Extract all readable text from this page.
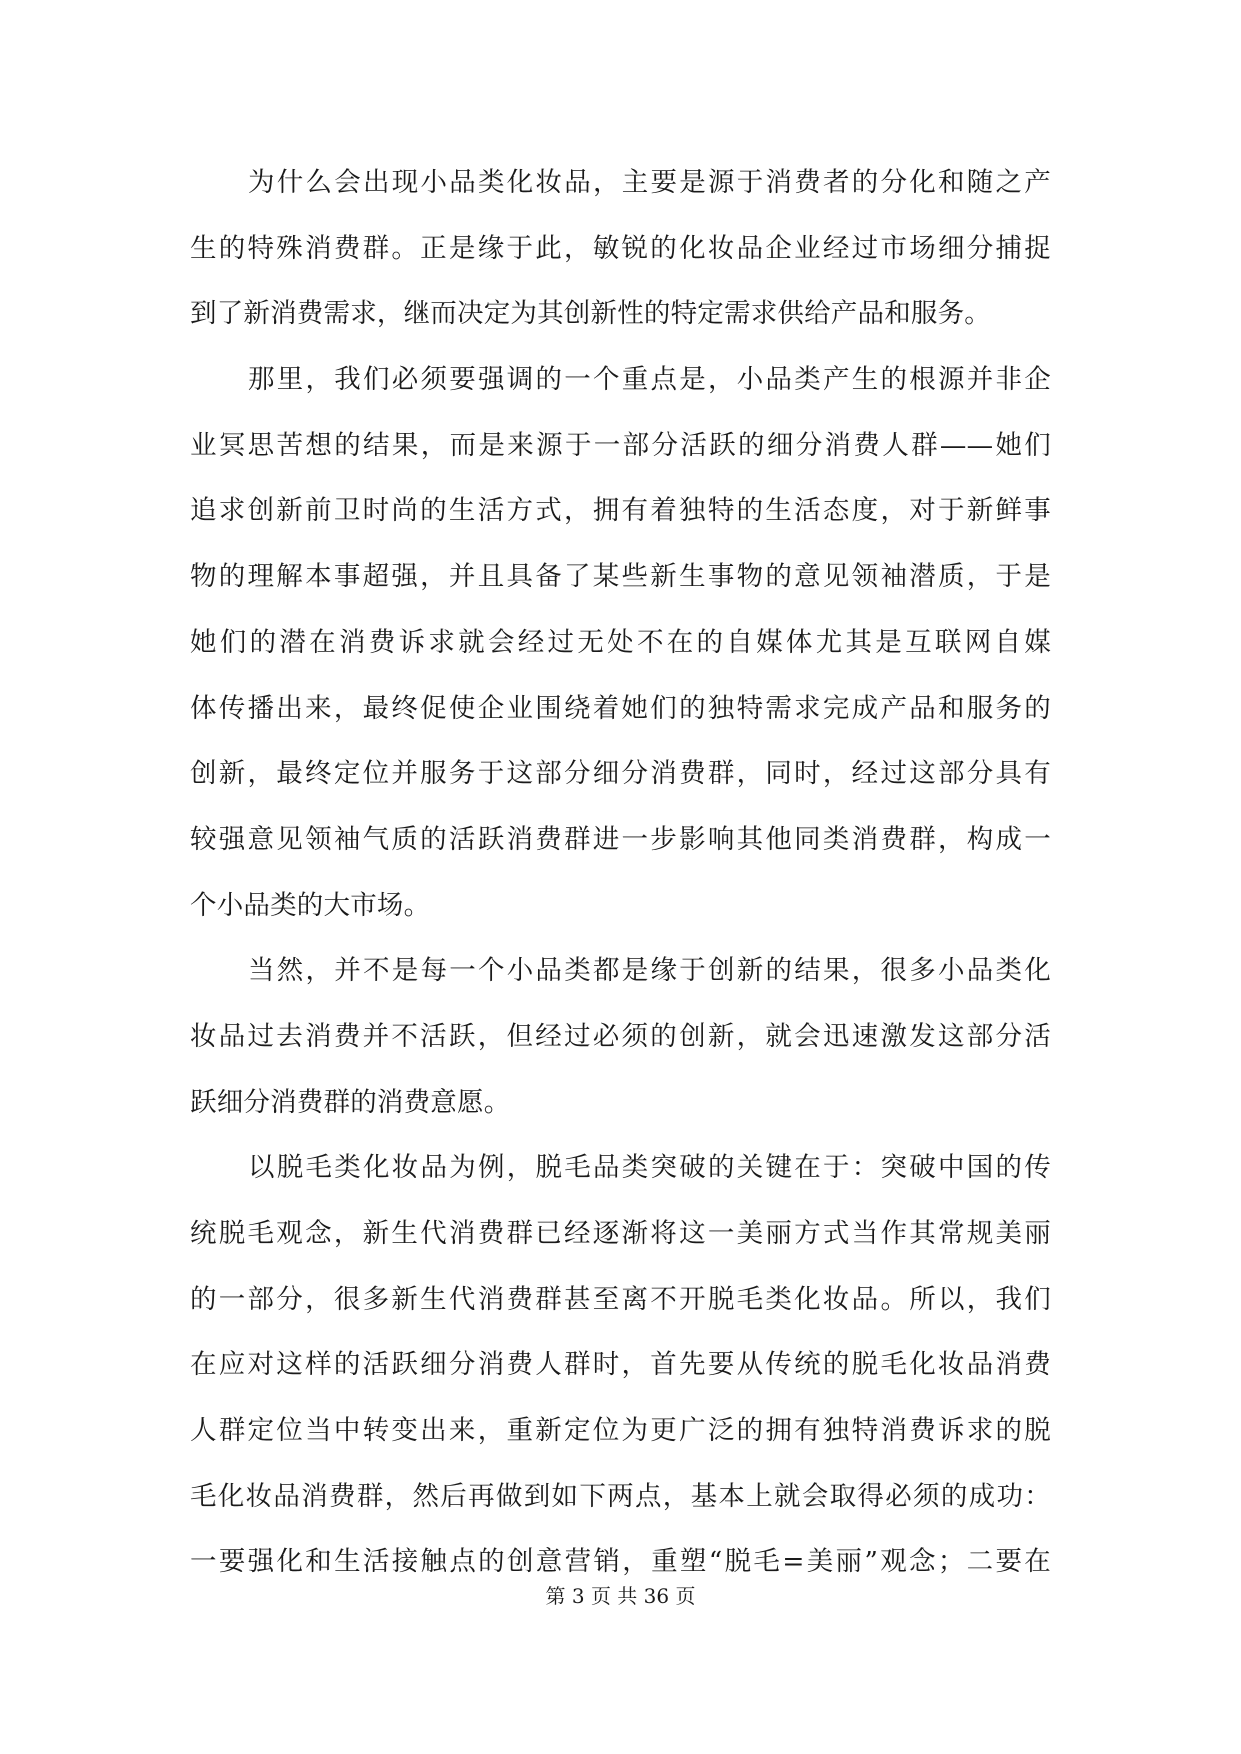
为什么会出现小品类化妆品，主要是源于消费者的分化和随之产
生的特殊消费群。正是缘于此，敏锐的化妆品企业经过市场细分捕捉
到了新消费需求，继而决定为其创新性的特定需求供给产品和服务。
那里，我们必须要强调的一个重点是，小品类产生的根源并非企
业冥思苦想的结果，而是来源于一部分活跃的细分消费人群——她们
追求创新前卫时尚的生活方式，拥有着独特的生活态度，对于新鲜事
物的理解本事超强，并且具备了某些新生事物的意见领袖潜质，于是
她们的潜在消费诉求就会经过无处不在的自媒体尤其是互联网自媒
体传播出来，最终促使企业围绕着她们的独特需求完成产品和服务的
创新，最终定位并服务于这部分细分消费群，同时，经过这部分具有
较强意见领袖气质的活跃消费群进一步影响其他同类消费群，构成一
个小品类的大市场。
当然，并不是每一个小品类都是缘于创新的结果，很多小品类化
妆品过去消费并不活跃，但经过必须的创新，就会迅速激发这部分活
跃细分消费群的消费意愿。
以脱毛类化妆品为例，脱毛品类突破的关键在于：突破中国的传
统脱毛观念，新生代消费群已经逐渐将这一美丽方式当作其常规美丽
的一部分，很多新生代消费群甚至离不开脱毛类化妆品。所以，我们
在应对这样的活跃细分消费人群时，首先要从传统的脱毛化妆品消费
人群定位当中转变出来，重新定位为更广泛的拥有独特消费诉求的脱
毛化妆品消费群，然后再做到如下两点，基本上就会取得必须的成功：
一要强化和生活接触点的创意营销，重塑“脱毛=美丽”观念；二要在
第 3 页 共 36 页
